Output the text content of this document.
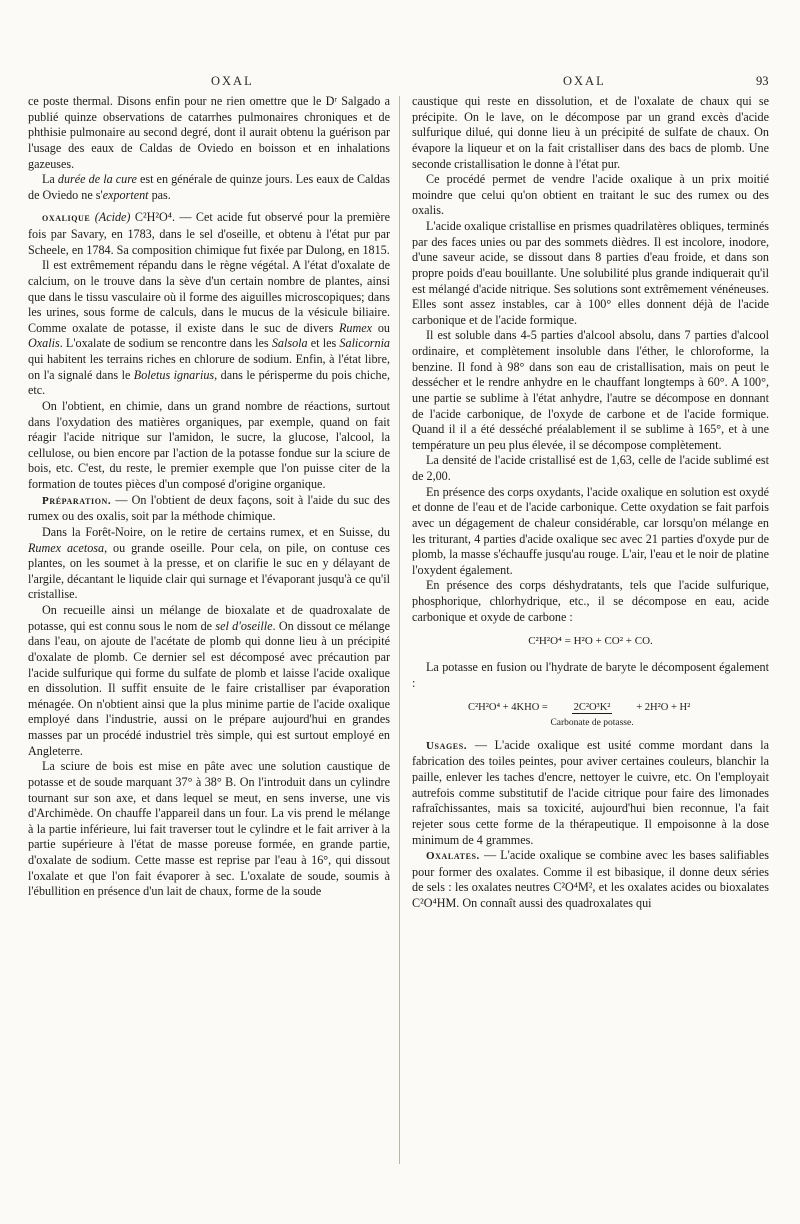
OXAL	OXAL	93

ce poste thermal. Disons enfin pour ne rien omettre que le Dʳ Salgado a publié quinze observations de catarrhes pulmonaires chroniques et de phthisie pulmonaire au second degré, dont il aurait obtenu la guérison par l'usage des eaux de Caldas de Oviedo en boisson et en inhalations gazeuses.

La durée de la cure est en générale de quinze jours. Les eaux de Caldas de Oviedo ne s'exportent pas.

oxalique (Acide) C²H²O⁴. — Cet acide fut observé pour la première fois par Savary, en 1783, dans le sel d'oseille, et obtenu à l'état pur par Scheele, en 1784. Sa composition chimique fut fixée par Dulong, en 1815.

Il est extrêmement répandu dans le règne végétal. A l'état d'oxalate de calcium, on le trouve dans la sève d'un certain nombre de plantes, ainsi que dans le tissu vasculaire où il forme des aiguilles microscopiques; dans les urines, sous forme de calculs, dans le mucus de la vésicule biliaire. Comme oxalate de potasse, il existe dans le suc de divers Rumex ou Oxalis. L'oxalate de sodium se rencontre dans les Salsola et les Salicornia qui habitent les terrains riches en chlorure de sodium. Enfin, à l'état libre, on l'a signalé dans le Boletus ignarius, dans le périsperme du pois chiche, etc.

On l'obtient, en chimie, dans un grand nombre de réactions, surtout dans l'oxydation des matières organiques, par exemple, quand on fait réagir l'acide nitrique sur l'amidon, le sucre, la glucose, l'alcool, la cellulose, ou bien encore par l'action de la potasse fondue sur la sciure de bois, etc. C'est, du reste, le premier exemple que l'on puisse citer de la formation de toutes pièces d'un composé d'origine organique.

Préparation. — On l'obtient de deux façons, soit à l'aide du suc des rumex ou des oxalis, soit par la méthode chimique.

Dans la Forêt-Noire, on le retire de certains rumex, et en Suisse, du Rumex acetosa, ou grande oseille. Pour cela, on pile, on contuse ces plantes, on les soumet à la presse, et on clarifie le suc en y délayant de l'argile, décantant le liquide clair qui surnage et l'évaporant jusqu'à ce qu'il cristallise.

On recueille ainsi un mélange de bioxalate et de quadroxalate de potasse, qui est connu sous le nom de sel d'oseille. On dissout ce mélange dans l'eau, on ajoute de l'acétate de plomb qui donne lieu à un précipité d'oxalate de plomb. Ce dernier sel est décomposé avec précaution par l'acide sulfurique qui forme du sulfate de plomb et laisse l'acide oxalique en dissolution. Il suffit ensuite de le faire cristalliser par évaporation ménagée. On n'obtient ainsi que la plus minime partie de l'acide oxalique employé dans l'industrie, aussi on le prépare aujourd'hui en grandes masses par un procédé industriel très simple, qui est surtout employé en Angleterre.

La sciure de bois est mise en pâte avec une solution caustique de potasse et de soude marquant 37° à 38° B. On l'introduit dans un cylindre tournant sur son axe, et dans lequel se meut, en sens inverse, une vis d'Archimède. On chauffe l'appareil dans un four. La vis prend le mélange à la partie inférieure, lui fait traverser tout le cylindre et le fait arriver à la partie supérieure à l'état de masse poreuse formée, en grande partie, d'oxalate de sodium. Cette masse est reprise par l'eau à 16°, qui dissout l'oxalate et que l'on fait évaporer à sec. L'oxalate de soude, soumis à l'ébullition en présence d'un lait de chaux, forme de la soude

caustique qui reste en dissolution, et de l'oxalate de chaux qui se précipite. On le lave, on le décompose par un grand excès d'acide sulfurique dilué, qui donne lieu à un précipité de sulfate de chaux. On évapore la liqueur et on la fait cristalliser dans des bacs de plomb. Une seconde cristallisation le donne à l'état pur.

Ce procédé permet de vendre l'acide oxalique à un prix moitié moindre que celui qu'on obtient en traitant le suc des rumex ou des oxalis.

L'acide oxalique cristallise en prismes quadrilatères obliques, terminés par des faces unies ou par des sommets dièdres. Il est incolore, inodore, d'une saveur acide, se dissout dans 8 parties d'eau froide, et dans son propre poids d'eau bouillante. Une solubilité plus grande indiquerait qu'il est mélangé d'acide nitrique. Ses solutions sont extrêmement vénéneuses. Elles sont assez instables, car à 100° elles donnent déjà de l'acide carbonique et de l'acide formique.

Il est soluble dans 4-5 parties d'alcool absolu, dans 7 parties d'alcool ordinaire, et complètement insoluble dans l'éther, le chloroforme, la benzine. Il fond à 98° dans son eau de cristallisation, mais on peut le dessécher et le rendre anhydre en le chauffant longtemps à 60°. A 100°, une partie se sublime à l'état anhydre, l'autre se décompose en donnant de l'acide carbonique, de l'oxyde de carbone et de l'acide formique. Quand il il a été desséché préalablement il se sublime à 165°, et à une température un peu plus élevée, il se décompose complètement.

La densité de l'acide cristallisé est de 1,63, celle de l'acide sublimé est de 2,00.

En présence des corps oxydants, l'acide oxalique en solution est oxydé et donne de l'eau et de l'acide carbonique. Cette oxydation se fait parfois avec un dégagement de chaleur considérable, car lorsqu'on mélange en les triturant, 4 parties d'acide oxalique sec avec 21 parties d'oxyde pur de plomb, la masse s'échauffe jusqu'au rouge. L'air, l'eau et le noir de platine l'oxydent également.

En présence des corps déshydratants, tels que l'acide sulfurique, phosphorique, chlorhydrique, etc., il se décompose en eau, acide carbonique et oxyde de carbone :

C²H²O⁴ = H²O + CO² + CO.

La potasse en fusion ou l'hydrate de baryte le décomposent également :

C²H²O⁴ + 4KHO = 2C²O³K²
Carbonate de potasse.
+ 2H²O + H²

Usages. — L'acide oxalique est usité comme mordant dans la fabrication des toiles peintes, pour aviver certaines couleurs, blanchir la paille, enlever les taches d'encre, nettoyer le cuivre, etc. On l'employait autrefois comme substitutif de l'acide citrique pour faire des limonades rafraîchissantes, mais sa toxicité, aujourd'hui bien reconnue, l'a fait rejeter sous cette forme de la thérapeutique. Il empoisonne à la dose minimum de 4 grammes.

Oxalates. — L'acide oxalique se combine avec les bases salifiables pour former des oxalates. Comme il est bibasique, il donne deux séries de sels : les oxalates neutres C²O⁴M², et les oxalates acides ou bioxalates C²O⁴HM. On connaît aussi des quadroxalates qui
